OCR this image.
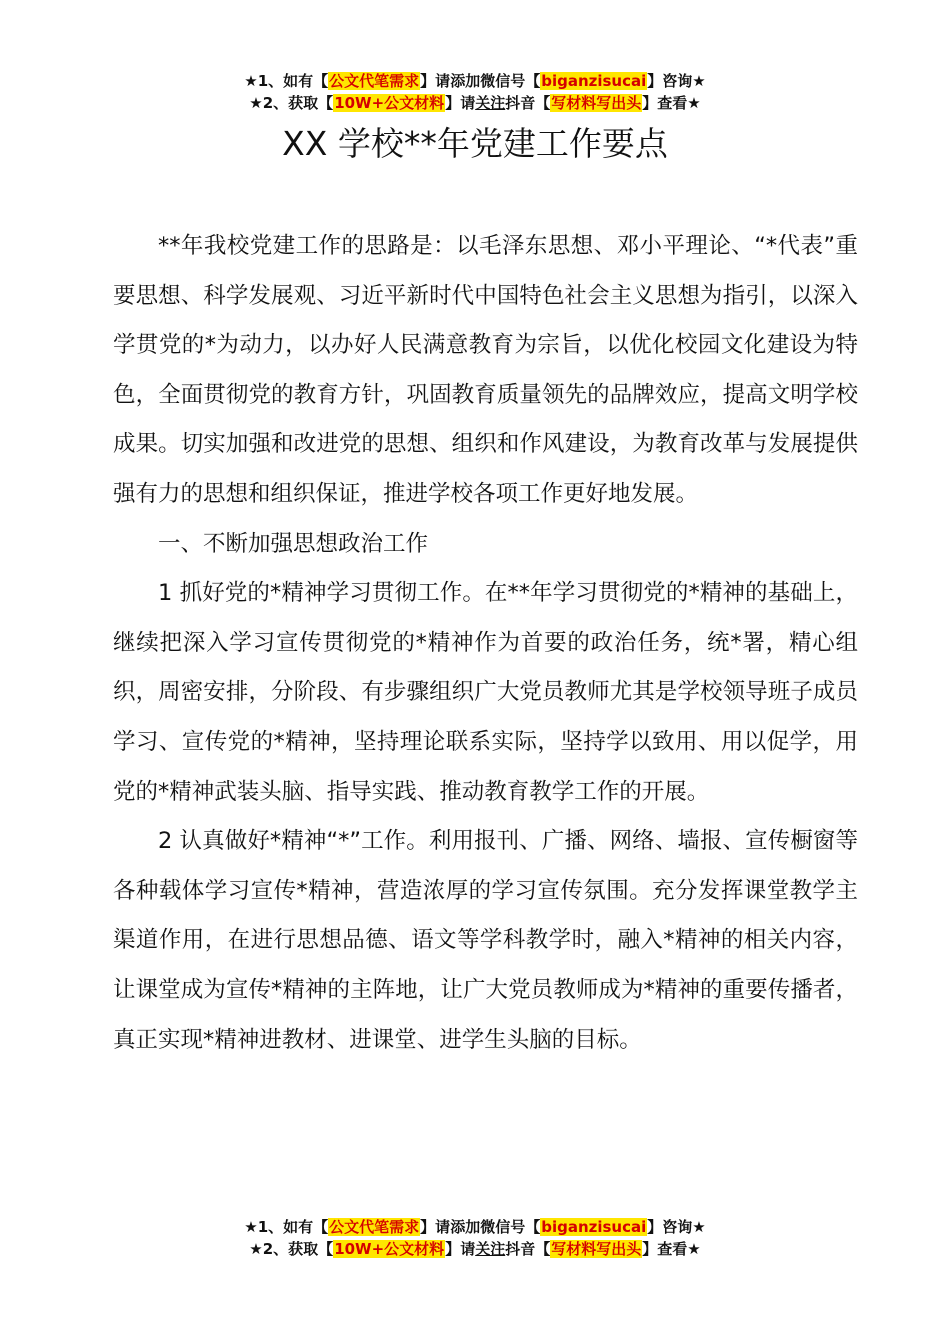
★1、如有【公文代笔需求】请添加微信号【biganzisucai】咨询★
★2、获取【10W+公文材料】请关注抖音【写材料写出头】查看★
XX 学校**年党建工作要点

**年我校党建工作的思路是：以毛泽东思想、邓小平理论、“*代表”重要思想、科学发展观、习近平新时代中国特色社会主义思想为指引，以深入学贯党的*为动力，以办好人民满意教育为宗旨，以优化校园文化建设为特色，全面贯彻党的教育方针，巩固教育质量领先的品牌效应，提高文明学校成果。切实加强和改进党的思想、组织和作风建设，为教育改革与发展提供强有力的思想和组织保证，推进学校各项工作更好地发展。

一、不断加强思想政治工作

1 抓好党的*精神学习贯彻工作。在**年学习贯彻党的*精神的基础上，继续把深入学习宣传贯彻党的*精神作为首要的政治任务，统*署，精心组织，周密安排，分阶段、有步骤组织广大党员教师尤其是学校领导班子成员学习、宣传党的*精神，坚持理论联系实际，坚持学以致用、用以促学，用党的*精神武装头脑、指导实践、推动教育教学工作的开展。

2 认真做好*精神“*”工作。利用报刊、广播、网络、墙报、宣传橱窗等各种载体学习宣传*精神，营造浓厚的学习宣传氛围。充分发挥课堂教学主渠道作用，在进行思想品德、语文等学科教学时，融入*精神的相关内容，让课堂成为宣传*精神的主阵地，让广大党员教师成为*精神的重要传播者，真正实现*精神进教材、进课堂、进学生头脑的目标。

★1、如有【公文代笔需求】请添加微信号【biganzisucai】咨询★
★2、获取【10W+公文材料】请关注抖音【写材料写出头】查看★
